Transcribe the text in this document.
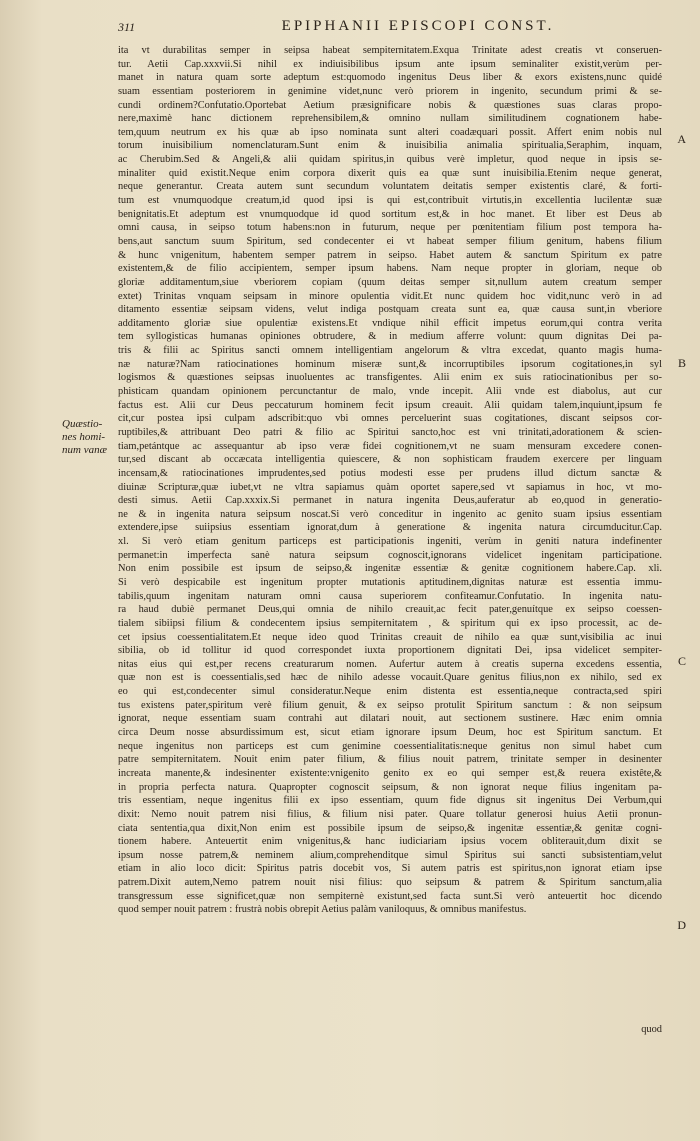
311	EPIPHANII EPISCOPI CONST.
Quæstio-
nes homi-
num vanæ
A
B
C
D
ita vt durabilitas semper in seipsa habeat sempiternitatem.Exqua Trinitate adest creatis vt conseruen-
tur. Aetii Cap.xxxvii.Si nihil ex indiuisibilibus ipsum ante ipsum seminaliter existit,verùm per-
manet in natura quam sorte adeptum est:quomodo ingenitus Deus liber & exors existens,nunc quidé
suam essentiam posteriorem in genimine videt,nunc verò priorem in ingenito, secundum primi & se-
cundi ordinem?Confutatio.Oportebat Aetium præsignificare nobis & quæstiones suas claras propo-
nere,maximè hanc dictionem reprehensibilem,& omnino nullam similitudinem cognationem habe-
tem,quum neutrum ex his quæ ab ipso nominata sunt alteri coadæquari possit. Affert enim nobis nul
torum inuisibilium nomenclaturam.Sunt enim & inuisibilia animalia spiritualia,Seraphim, inquam,
ac Cherubim.Sed & Angeli,& alii quidam spiritus,in quibus verè impletur, quod neque in ipsis se-
minaliter quid existit.Neque enim corpora dixerit quis ea quæ sunt inuisibilia.Etenim neque generat,
neque generantur. Creata autem sunt secundum voluntatem deitatis semper existentis claré, & forti-
tum est vnumquodque creatum,id quod ipsi is qui est,contribuit virtutis,in excellentia lucilentæ suæ
benignitatis.Et adeptum est vnumquodque id quod sortitum est,& in hoc manet. Et liber est Deus ab
omni causa, in seipso totum habens:non in futurum, neque per pœnitentiam filium post tempora ha-
bens,aut sanctum suum Spiritum, sed condecenter ei vt habeat semper filium genitum, habens filium
& hunc vnigenitum, habentem semper patrem in seipso. Habet autem & sanctum Spiritum ex patre
existentem,& de filio accipientem, semper ipsum habens. Nam neque propter in gloriam, neque ob
gloriæ additamentum,siue vberiorem copiam (quum deitas semper sit,nullum autem creatum semper
extet) Trinitas vnquam seipsam in minore opulentia vidit.Et nunc quidem hoc vidit,nunc verò in ad
ditamento essentiæ seipsam videns, velut indiga postquam creata sunt ea, quæ causa sunt,in vberiore
additamento gloriæ siue opulentiæ existens.Et vndique nihil efficit impetus eorum,qui contra verita
tem syllogisticas humanas opiniones obtrudere, & in medium afferre volunt: quum dignitas Dei pa-
tris & filii ac Spiritus sancti omnem intelligentiam angelorum & vltra excedat, quanto magis huma-
næ naturæ?Nam ratiocinationes hominum miseræ sunt,& incorruptibiles ipsorum cogitationes,in syl
logismos & quæstiones seipsas inuoluentes ac transfigentes. Alii enim ex suis ratiocinationibus per so-
phisticam quandam opinionem percunctantur de malo, vnde incepit. Alii vnde est diabolus, aut cur
factus est. Alii cur Deus peccaturum hominem fecit ipsum creauit. Alii quidam talem,inquiunt,ipsum fe
cit,cur postea ipsi culpam adscribit:quo vbi omnes perceluerint suas cogitationes, discant seipsos cor-
ruptibiles,& attribuant Deo patri & filio ac Spiritui sancto,hoc est vni trinitati,adorationem & scien-
tiam,petántque ac assequantur ab ipso veræ fidei cognitionem,vt ne suam mensuram excedere conen-
tur,sed discant ab occæcata intelligentia quiescere, & non sophisticam fraudem exercere per linguam
incensam,& ratiocinationes imprudentes,sed potius modesti esse per prudens illud dictum sanctæ &
diuinæ Scripturæ,quæ iubet,vt ne vltra sapiamus quàm oportet sapere,sed vt sapiamus in hoc, vt mo-
desti simus. Aetii Cap.xxxix.Si permanet in natura ingenita Deus,auferatur ab eo,quod in generatio-
ne & in ingenita natura seipsum noscat.Si verò conceditur in ingenito ac genito suam ipsius essentiam
extendere,ipse suiipsius essentiam ignorat,dum à generatione & ingenita natura circumducitur.Cap.
xl. Si verò etiam genitum particeps est participationis ingeniti, verùm in geniti natura indefinenter
permanet:in imperfecta sanè natura seipsum cognoscit,ignorans videlicet ingenitam participatione.
Non enim possibile est ipsum de seipso,& ingenitæ essentiæ & genitæ cognitionem habere.Cap. xli.
Si verò despicabile est ingenitum propter mutationis aptitudinem,dignitas naturæ est essentia immu-
tabilis,quum ingenitam naturam omni causa superiorem confiteamur.Confutatio. In ingenita natu-
ra haud dubiè permanet Deus,qui omnia de nihilo creauit,ac fecit pater,genuítque ex seipso coessen-
tialem sibiipsi filium & condecentem ipsius sempiternitatem , & spiritum qui ex ipso processit, ac de-
cet ipsius coessentialitatem.Et neque ideo quod Trinitas creauit de nihilo ea quæ sunt,visibilia ac inui
sibilia, ob id tollitur id quod correspondet iuxta proportionem dignitati Dei, ipsa videlicet sempiter-
nitas eius qui est,per recens creaturarum nomen. Aufertur autem à creatis superna excedens essentia,
quæ non est is coessentialis,sed hæc de nihilo adesse vocauit.Quare genitus filius,non ex nihilo, sed ex
eo qui est,condecenter simul consideratur.Neque enim distenta est essentia,neque contracta,sed spiri
tus existens pater,spiritum verè filium genuit, & ex seipso protulit Spiritum sanctum : & non seipsum
ignorat, neque essentiam suam contrahi aut dilatari nouit, aut sectionem sustinere. Hæc enim omnia
circa Deum nosse absurdissimum est, sicut etiam ignorare ipsum Deum, hoc est Spiritum sanctum. Et
neque ingenitus non particeps est cum genimine coessentialitatis:neque genitus non simul habet cum
patre sempiternitatem. Nouit enim pater filium, & filius nouit patrem, trinitate semper in desinenter
increata manente,& indesinenter existente:vnigenito genito ex eo qui semper est,& reuera existête,&
in propria perfecta natura. Quapropter cognoscit seipsum, & non ignorat neque filius ingenitam pa-
tris essentiam, neque ingenitus filii ex ipso essentiam, quum fide dignus sit ingenitus Dei Verbum,qui
dixit: Nemo nouit patrem nisi filius, & filium nisi pater. Quare tollatur generosi huius Aetii pronun-
ciata sententia,qua dixit,Non enim est possibile ipsum de seipso,& ingenitæ essentiæ,& genitæ cogni-
tionem habere. Anteuertit enim vnigenitus,& hanc iudiciariam ipsius vocem obliterauit,dum dixit se
ipsum nosse patrem,& neminem alium,comprehenditque simul Spiritus sui sancti subsistentiam,velut
etiam in alio loco dicit: Spiritus patris docebit vos, Si autem patris est spiritus,non ignorat etiam ipse
patrem.Dixit autem,Nemo patrem nouit nisi filius: quo seipsum & patrem & Spiritum sanctum,alia
transgressum esse significet,quæ non sempiternè existunt,sed facta sunt.Si verò anteuertit hoc dicendo
quod semper nouit patrem : frustrà nobis obrepit Aetius palàm vaniloquus, & omnibus manifestus.
quod
